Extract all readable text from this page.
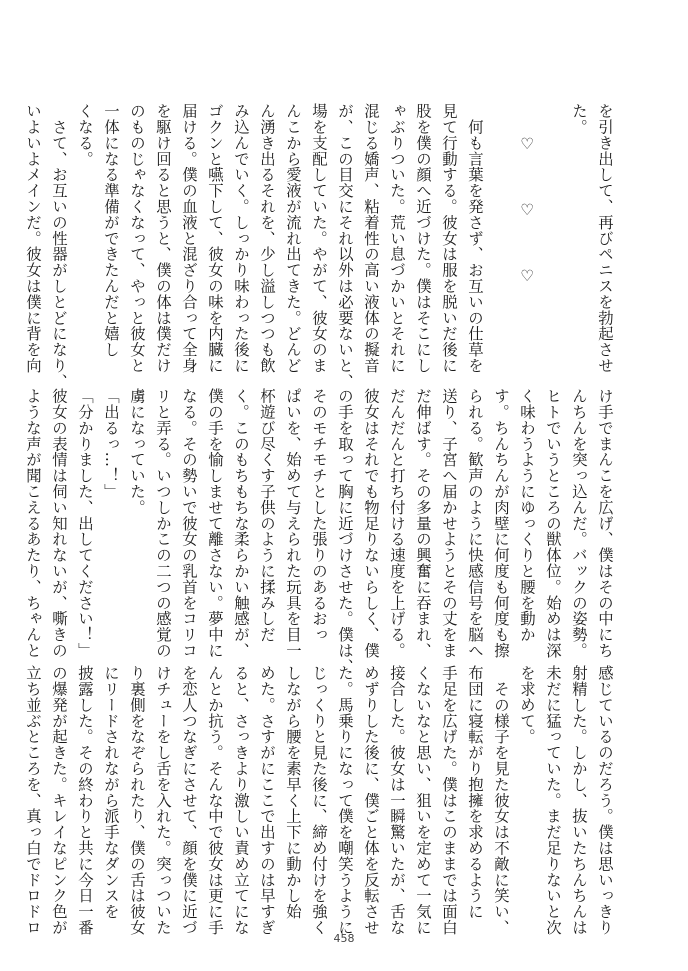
を引き出して、再びペニスを勃起させ

た。

　　♡　　　♡　　　♡

　何も言葉を発さず、お互いの仕草を

見て行動する。彼女は服を脱いだ後に

股を僕の顔へ近づけた。僕はそこにし

ゃぶりついた。荒い息づかいとそれに

混じる嬌声、粘着性の高い液体の擬音

が、この目交にそれ以外は必要ないと、

場を支配していた。やがて、彼女のま

んこから愛液が流れ出てきた。どんど

ん湧き出るそれを、少し溢しつつも飲

み込んでいく。しっかり味わった後に

ゴクンと嚥下して、彼女の味を内臓に

届ける。僕の血液と混ざり合って全身

を駆け回ると思うと、僕の体は僕だけ

のものじゃなくなって、やっと彼女と

一体になる準備ができたんだと嬉し

くなる。

　さて、お互いの性器がしとどになり、

いよいよメインだ。彼女は僕に背を向

け手でまんこを広げ、僕はその中にち

んちんを突っ込んだ。バックの姿勢。

ヒトでいうところの獣体位。始めは深

く味わうようにゆっくりと腰を動か

す。ちんちんが肉壁に何度も何度も擦

られる。歓声のように快感信号を脳へ

送り、子宮へ届かせようとその丈をま

だ伸ばす。その多量の興奮に吞まれ、

だんだんと打ち付ける速度を上げる。

彼女はそれでも物足りないらしく、僕

の手を取って胸に近づけさせた。僕は、

そのモチモチとした張りのあるおっ

ぱいを、始めて与えられた玩具を目一

杯遊び尽くす子供のように揉みしだ

く。このもちもちな柔らかい触感が、

僕の手を愉しませて離さない。夢中に

なる。その勢いで彼女の乳首をコリコ

リと弄る。いつしかこの二つの感覚の

虜になっていた。

「出るっ…！」

「分かりました、出してください！」

彼女の表情は伺い知れないが、嘶きの

ような声が聞こえるあたり、ちゃんと

感じているのだろう。僕は思いっきり

射精した。しかし、抜いたちんちんは

未だに猛っていた。まだ足りないと次

を求めて。

　その様子を見た彼女は不敵に笑い、

布団に寝転がり抱擁を求めるように

手足を広げた。僕はこのままでは面白

くないなと思い、狙いを定めて一気に

接合した。彼女は一瞬驚いたが、舌な

めずりした後に、僕ごと体を反転させ

た。馬乗りになって僕を嘲笑うように

じっくりと見た後に、締め付けを強く

しながら腰を素早く上下に動かし始

めた。さすがにここで出すのは早すぎ

ると、さっきより激しい責め立てにな

んとか抗う。そんな中で彼女は更に手

を恋人つなぎにさせて、顔を僕に近づ

けチューをし舌を入れた。突っついた

り裏側をなぞられたり、僕の舌は彼女

にリードされながら派手なダンスを

披露した。その終わりと共に今日一番

の爆発が起きた。キレイなピンク色が

立ち並ぶところを、真っ白でドロドロ

458
